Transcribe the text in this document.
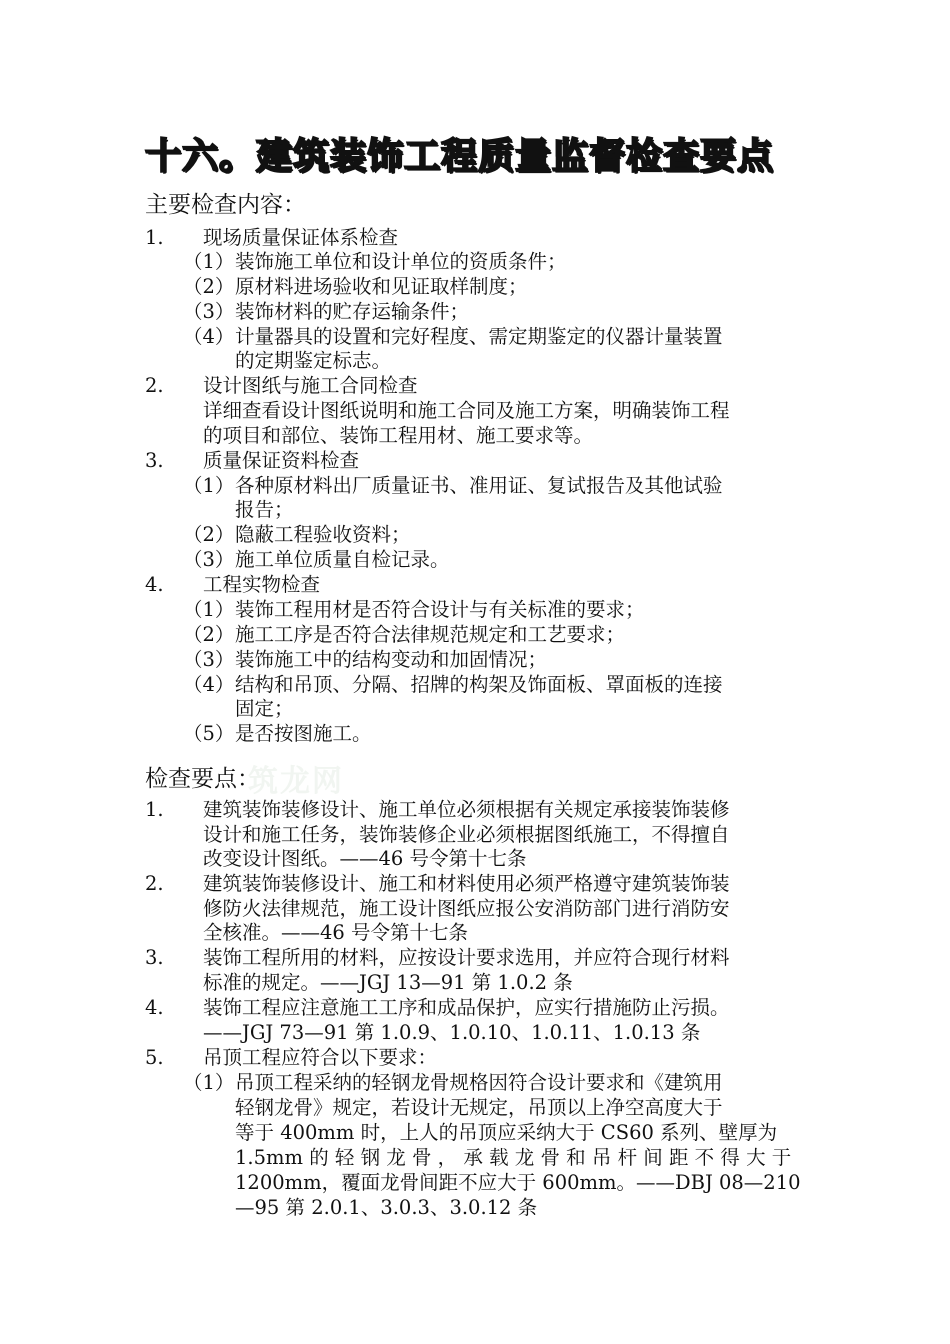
十六。建筑装饰工程质量监督检查要点
主要检查内容：
1. 现场质量保证体系检查
（1） 装饰施工单位和设计单位的资质条件；
（2） 原材料进场验收和见证取样制度；
（3） 装饰材料的贮存运输条件；
（4） 计量器具的设置和完好程度、需定期鉴定的仪器计量装置
的定期鉴定标志。
2. 设计图纸与施工合同检查
详细查看设计图纸说明和施工合同及施工方案，明确装饰工程
的项目和部位、装饰工程用材、施工要求等。
3. 质量保证资料检查
（1） 各种原材料出厂质量证书、准用证、复试报告及其他试验
报告；
（2） 隐蔽工程验收资料；
（3） 施工单位质量自检记录。
4. 工程实物检查
（1） 装饰工程用材是否符合设计与有关标准的要求；
（2） 施工工序是否符合法律规范规定和工艺要求；
（3） 装饰施工中的结构变动和加固情况；
（4） 结构和吊顶、分隔、招牌的构架及饰面板、罩面板的连接
固定；
（5） 是否按图施工。
筑龙网
检查要点：
1. 建筑装饰装修设计、施工单位必须根据有关规定承接装饰装修
设计和施工任务，装饰装修企业必须根据图纸施工，不得擅自
改变设计图纸。——46 号令第十七条
2. 建筑装饰装修设计、施工和材料使用必须严格遵守建筑装饰装
修防火法律规范，施工设计图纸应报公安消防部门进行消防安
全核准。——46 号令第十七条
3. 装饰工程所用的材料，应按设计要求选用，并应符合现行材料
标准的规定。——JGJ 13—91 第 1.0.2 条
4. 装饰工程应注意施工工序和成品保护，应实行措施防止污损。
——JGJ 73—91 第 1.0.9、1.0.10、1.0.11、1.0.13 条
5. 吊顶工程应符合以下要求：
（1） 吊顶工程采纳的轻钢龙骨规格因符合设计要求和《建筑用
轻钢龙骨》规定，若设计无规定，吊顶以上净空高度大于
等于 400mm 时，上人的吊顶应采纳大于 CS60 系列、壁厚为
1.5mm 的 轻 钢 龙 骨 ， 承 载 龙 骨 和 吊 杆 间 距 不 得 大 于
1200mm，覆面龙骨间距不应大于 600mm。——DBJ 08—210
—95 第 2.0.1、3.0.3、3.0.12 条
